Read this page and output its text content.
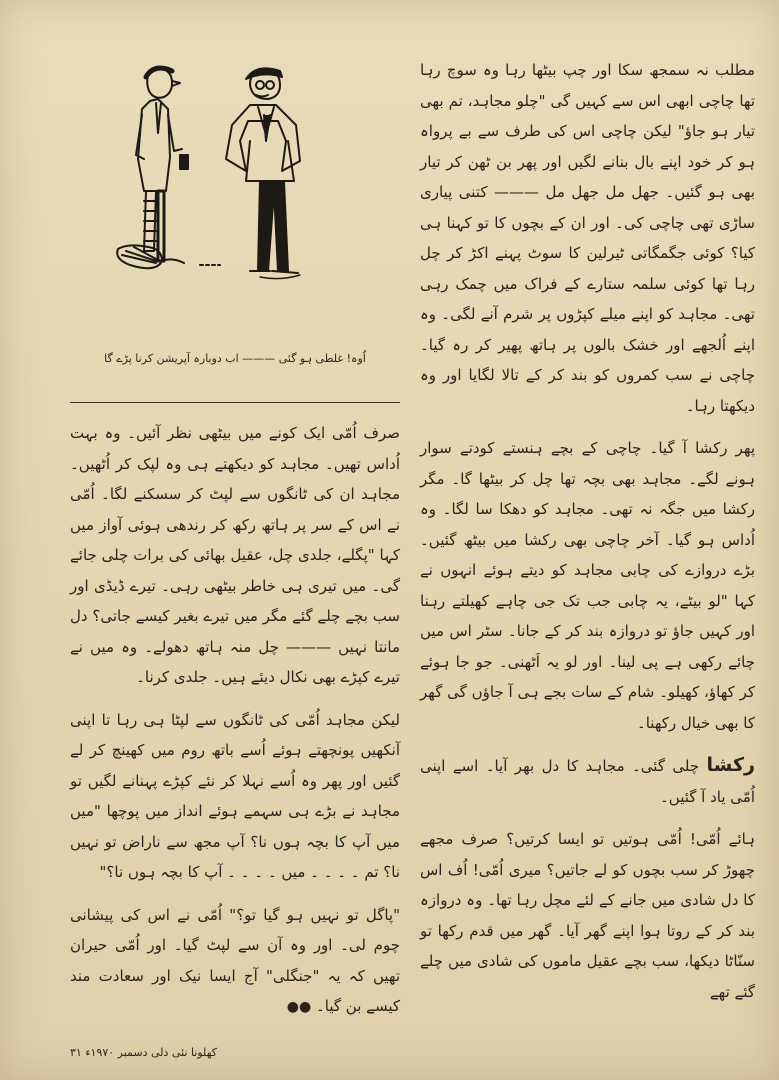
مطلب نہ سمجھ سکا اور چپ بیٹھا رہا وہ سوچ رہا تھا چاچی ابھی اس سے کہیں گی "چلو مجاہد، تم بھی تیار ہو جاؤ" لیکن چاچی اس کی طرف سے بے پرواہ ہو کر خود اپنے بال بنانے لگیں اور پھر بن ٹھن کر تیار بھی ہو گئیں۔ جھل مل جھل مل ——— کتنی پیاری ساڑی تھی چاچی کی۔ اور ان کے بچوں کا تو کہنا ہی کیا؟ کوئی جگمگاتی ٹیرلین کا سوٹ پہنے اکڑ کر چل رہا تھا کوئی سلمہ ستارے کے فراک میں چمک رہی تھی۔ مجاہد کو اپنے میلے کپڑوں پر شرم آنے لگی۔ وہ اپنے اُلجھے اور خشک بالوں پر ہاتھ پھیر کر رہ گیا۔ چاچی نے سب کمروں کو بند کر کے تالا لگایا اور وہ دیکھتا رہا۔

پھر رکشا آ گیا۔ چاچی کے بچے ہنستے کودتے سوار ہونے لگے۔ مجاہد بھی بچہ تھا چل کر بیٹھا گا۔ مگر رکشا میں جگہ نہ تھی۔ مجاہد کو دھکا سا لگا۔ وہ اُداس ہو گیا۔ آخر چاچی بھی رکشا میں بیٹھ گئیں۔ بڑے دروازے کی چابی مجاہد کو دیتے ہوئے انہوں نے کہا "لو بیٹے، یہ چابی جب تک جی چاہے کھیلتے رہنا اور کہیں جاؤ تو دروازہ بند کر کے جانا۔ سٹر اس میں چائے رکھی ہے پی لینا۔ اور لو یہ اَٹھنی۔ جو جا ہوئے کر کھاؤ، کھیلو۔ شام کے سات بجے ہی آ جاؤں گی گھر کا بھی خیال رکھنا۔

رکشا چلی گئی۔ مجاہد کا دل بھر آیا۔ اسے اپنی اُمّی یاد آ گئیں۔

ہائے اُمّی! اُمّی ہوتیں تو ایسا کرتیں؟ صرف مجھے چھوڑ کر سب بچوں کو لے جاتیں؟ میری اُمّی! اُف اس کا دل شادی میں جانے کے لئے مچل رہا تھا۔ وہ دروازہ بند کر کے روتا ہوا اپنے گھر آیا۔ گھر میں قدم رکھا تو سنّاٹا دیکھا، سب بچے عقیل ماموں کی شادی میں چلے گئے تھے

اُوہ! غلطی ہو گئی ——— اب دوبارہ آپریشن کرنا پڑے گا

صرف اُمّی ایک کونے میں بیٹھی نظر آئیں۔ وہ بہت اُداس تھیں۔ مجاہد کو دیکھتے ہی وہ لپک کر اُٹھیں۔ مجاہد ان کی ٹانگوں سے لپٹ کر سسکنے لگا۔ اُمّی نے اس کے سر پر ہاتھ رکھ کر رندھی ہوئی آواز میں کہا "پگلے، جلدی چل، عقیل بھائی کی برات چلی جائے گی۔ میں تیری ہی خاطر بیٹھی رہی۔ تیرے ڈیڈی اور سب بچے چلے گئے مگر میں تیرے بغیر کیسے جاتی؟ دل مانتا نہیں ——— چل منہ ہاتھ دھولے۔ وہ میں نے تیرے کپڑے بھی نکال دیئے ہیں۔ جلدی کرنا۔

لیکن مجاہد اُمّی کی ٹانگوں سے لپٹا ہی رہا تا اپنی آنکھیں پونچھتے ہوئے اُسے باتھ روم میں کھینچ کر لے گئیں اور پھر وہ اُسے نہلا کر نئے کپڑے پہنانے لگیں تو مجاہد نے بڑے ہی سہمے ہوئے انداز میں پوچھا "میں میں آپ کا بچہ ہوں نا؟ آپ مجھ سے ناراض تو نہیں نا؟ تم ۔ ۔ ۔ ۔ میں ۔ ۔ ۔ ۔ آپ کا بچہ ہوں نا؟"

"پاگل تو نہیں ہو گیا تو؟" اُمّی نے اس کی پیشانی چوم لی۔ اور وہ آن سے لپٹ گیا۔ اور اُمّی حیران تھیں کہ یہ "جنگلی" آج ایسا نیک اور سعادت مند کیسے بن گیا۔ ●●

کھلونا نئی دلی دسمبر ۱۹۷۰ء ۳۱
